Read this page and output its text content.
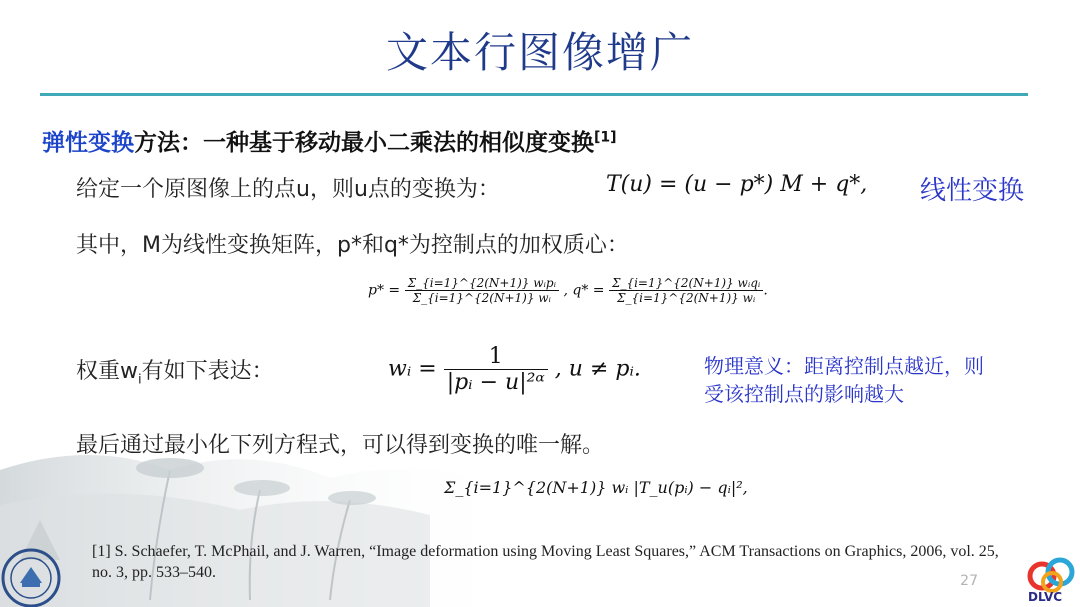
文本行图像增广
弹性变换方法：一种基于移动最小二乘法的相似度变换[1]
给定一个原图像上的点u，则u点的变换为：	T(u) = (u − p*) M + q*, 线性变换
其中，M为线性变换矩阵，p*和q*为控制点的加权质心：
$p* = \frac{\text{Σ\_\{i=1\}\textasciicircum{}\{2(N+1)\} wᵢpᵢ}}{\text{Σ\_\{i=1\}\textasciicircum{}\{2(N+1)\} wᵢ}}$ , $q* = \frac{\text{Σ\_\{i=1\}\textasciicircum{}\{2(N+1)\} wᵢqᵢ}}{\text{Σ\_\{i=1\}\textasciicircum{}\{2(N+1)\} wᵢ}}$ .
权重$w_i$有如下表达：	wᵢ = $\frac{1}{\text{|pᵢ − u|²ᵅ}}$ , u ≠ pᵢ.	物理意义：距离控制点越近，则
受该控制点的影响越大
最后通过最小化下列方程式，可以得到变换的唯一解。
Σ_{i=1}^{2(N+1)} wᵢ |T_u(pᵢ) − qᵢ|²,
[1] S. Schaefer, T. McPhail, and J. Warren, “Image deformation using Moving Least Squares,” ACM Transactions on Graphics, 2006, vol. 25, no. 3, pp. 533–540.	27
DLVC
